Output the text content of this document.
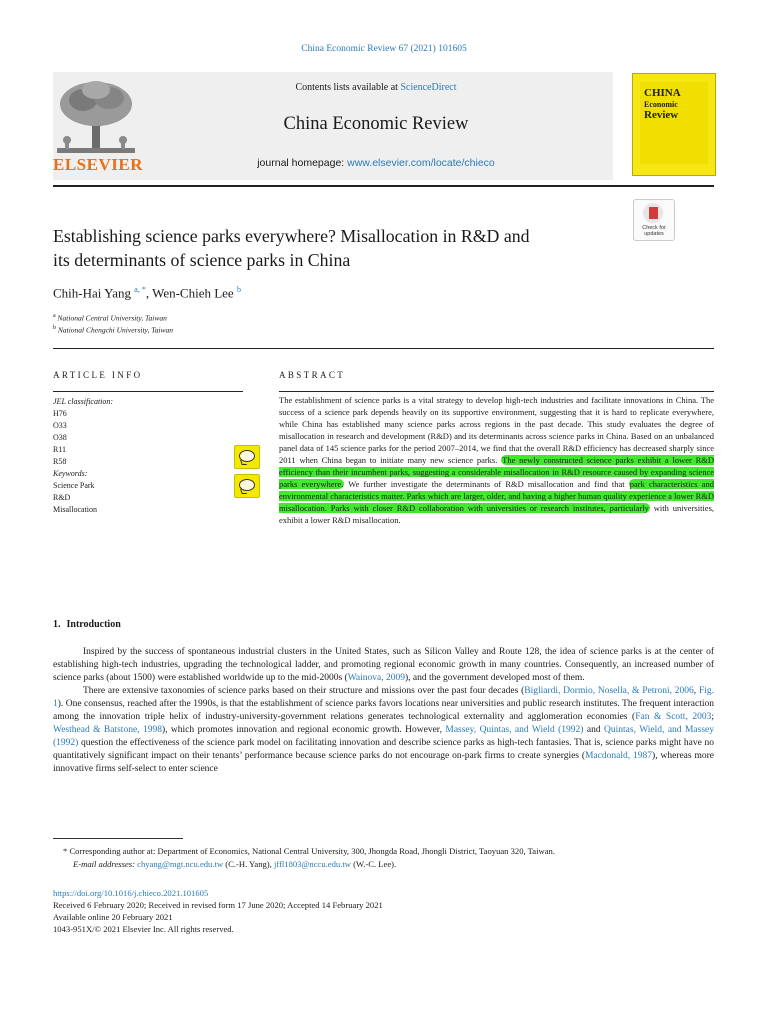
China Economic Review 67 (2021) 101605
ELSEVIER
Contents lists available at ScienceDirect
China Economic Review
journal homepage: www.elsevier.com/locate/chieco
CHINA
Economic
Review
Check for
updates
Establishing science parks everywhere? Misallocation in R&D and
its determinants of science parks in China
Chih-Hai Yang $^{a, *}$, Wen-Chieh Lee $^b$
$^a$ National Central University, Taiwan
$^b$ National Chengchi University, Taiwan
ARTICLE INFO	ABSTRACT
JEL classification:
H76
O33
O38
R11
R58
Keywords:
Science Park
R&D
Misallocation
The establishment of science parks is a vital strategy to develop high-tech industries and facilitate innovations in China. The success of a science park depends heavily on its supportive environment, suggesting that it is hard to replicate everywhere, while China has established many science parks across regions in the past decade. This study evaluates the degree of misallocation in research and development (R&D) and its determinants across science parks in China. Based on an unbalanced panel data of 145 science parks for the period 2007–2014, we find that the overall R&D efficiency has decreased sharply since 2011 when China began to initiate many new science parks. The newly constructed science parks exhibit a lower R&D efficiency than their incumbent parks, suggesting a considerable misallocation in R&D resource caused by expanding science parks everywhere. We further investigate the determinants of R&D misallocation and find that park characteristics and environmental characteristics matter. Parks which are larger, older, and having a higher human quality experience a lower R&D misallocation. Parks with closer R&D collaboration with universities or research institutes, particularly with universities, exhibit a lower R&D misallocation.
1. Introduction

Inspired by the success of spontaneous industrial clusters in the United States, such as Silicon Valley and Route 128, the idea of science parks is at the center of establishing high-tech industries, upgrading the technological ladder, and promoting regional economic growth in many countries. Consequently, an increased number of science parks (about 1500) were established worldwide up to the mid-2000s (Wainova, 2009), and the government developed most of them.

There are extensive taxonomies of science parks based on their structure and missions over the past four decades (Bigliardi, Dormio, Nosella, & Petroni, 2006, Fig. 1). One consensus, reached after the 1990s, is that the establishment of science parks favors locations near universities and public research institutes. The frequent interaction among the innovation triple helix of industry-university-government relations generates technological externality and agglomeration economies (Fan & Scott, 2003; Westhead & Batstone, 1998), which promotes innovation and regional economic growth. However, Massey, Quintas, and Wield (1992) and Quintas, Wield, and Massey (1992) question the effectiveness of the science park model on facilitating innovation and describe science parks as high-tech fantasies. That is, science parks might have no quantitatively significant impact on their tenants’ performance because science parks do not encourage on-park firms to create synergies (Macdonald, 1987), whereas more innovative firms self-select to enter science

* Corresponding author at: Department of Economics, National Central University, 300, Jhongda Road, Jhongli District, Taoyuan 320, Taiwan.
E-mail addresses: chyang@mgt.ncu.edu.tw (C.-H. Yang), jffl1803@nccu.edu.tw (W.-C. Lee).
https://doi.org/10.1016/j.chieco.2021.101605
Received 6 February 2020; Received in revised form 17 June 2020; Accepted 14 February 2021
Available online 20 February 2021
1043-951X/© 2021 Elsevier Inc. All rights reserved.
